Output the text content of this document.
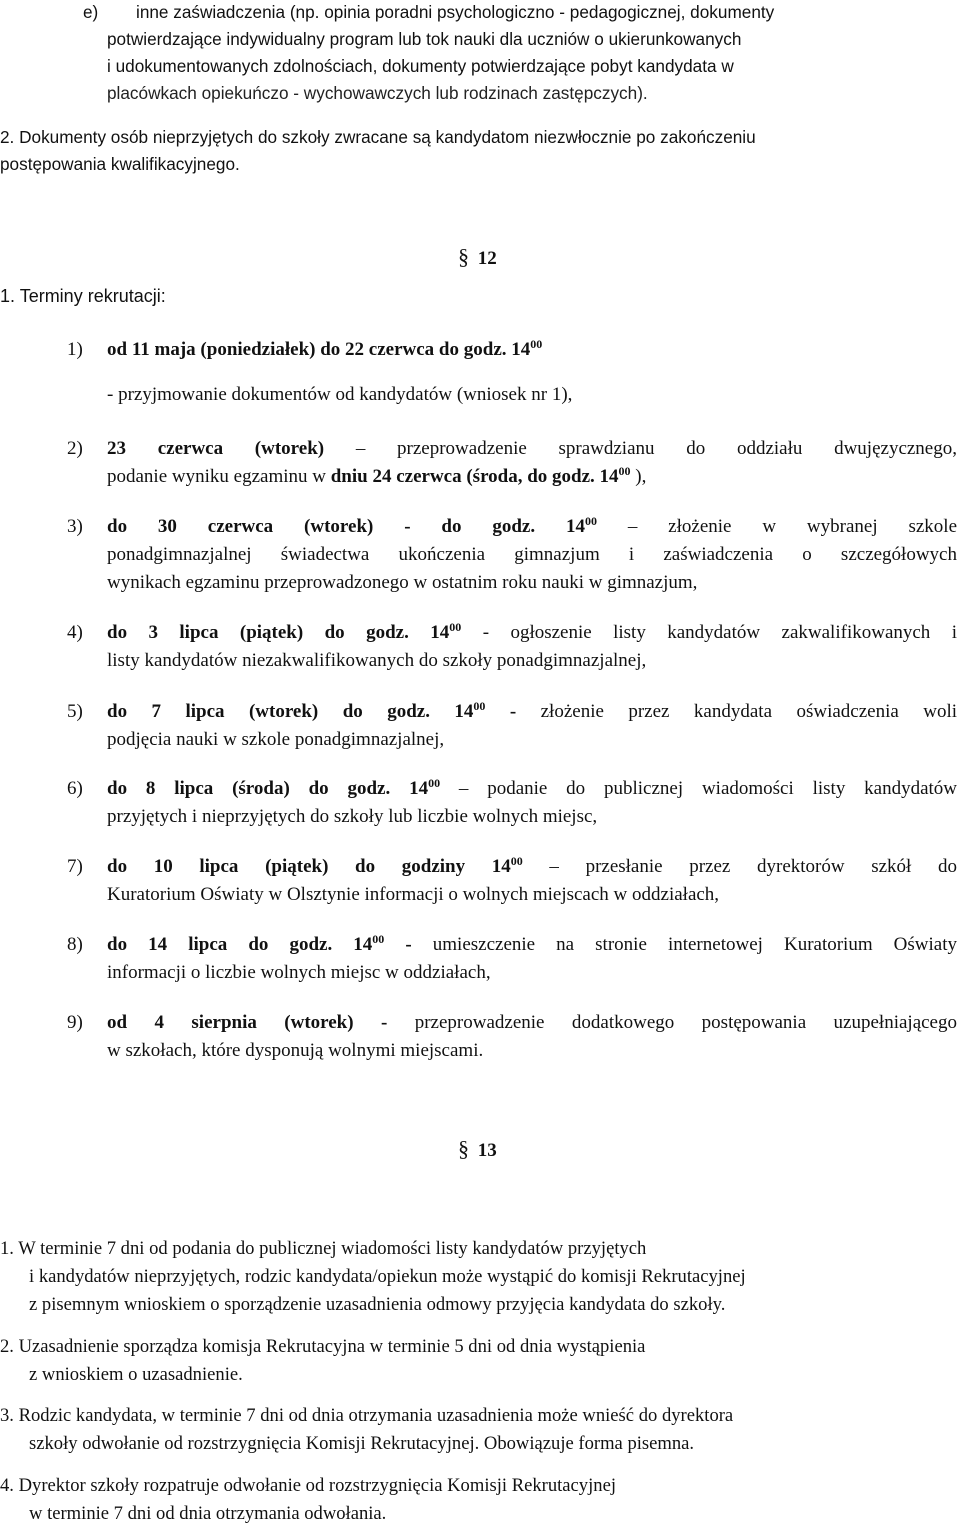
e) inne zaświadczenia (np. opinia poradni psychologiczno - pedagogicznej, dokumenty
potwierdzające indywidualny program lub tok nauki dla uczniów o ukierunkowanych
i udokumentowanych zdolnościach, dokumenty potwierdzające pobyt kandydata w
placówkach opiekuńczo - wychowawczych lub rodzinach zastępczych).
2. Dokumenty osób nieprzyjętych do szkoły zwracane są kandydatom niezwłocznie po zakończeniu
postępowania kwalifikacyjnego.
§ 12
1. Terminy rekrutacji:
1) od 11 maja (poniedziałek) do 22 czerwca do godz. $14^{00}$
- przyjmowanie dokumentów od kandydatów (wniosek nr 1),
2) 23 czerwca (wtorek) – przeprowadzenie sprawdzianu do oddziału dwujęzycznego,
podanie wyniku egzaminu w dniu 24 czerwca (środa, do godz. $14^{00}$ ),
3) do 30 czerwca (wtorek) - do godz. $14^{00}$ – złożenie w wybranej szkole
ponadgimnazjalnej świadectwa ukończenia gimnazjum i zaświadczenia o szczegółowych
wynikach egzaminu przeprowadzonego w ostatnim roku nauki w gimnazjum,
4) do 3 lipca (piątek) do godz. $14^{00}$ - ogłoszenie listy kandydatów zakwalifikowanych i
listy kandydatów niezakwalifikowanych do szkoły ponadgimnazjalnej,
5) do 7 lipca (wtorek) do godz. $14^{00}$ - złożenie przez kandydata oświadczenia woli
podjęcia nauki w szkole ponadgimnazjalnej,
6) do 8 lipca (środa) do godz. $14^{00}$ – podanie do publicznej wiadomości listy kandydatów
przyjętych i nieprzyjętych do szkoły lub liczbie wolnych miejsc,
7) do 10 lipca (piątek) do godziny $14^{00}$ – przesłanie przez dyrektorów szkół do
Kuratorium Oświaty w Olsztynie informacji o wolnych miejscach w oddziałach,
8) do 14 lipca do godz. $14^{00}$ - umieszczenie na stronie internetowej Kuratorium Oświaty
informacji o liczbie wolnych miejsc w oddziałach,
9) od 4 sierpnia (wtorek) - przeprowadzenie dodatkowego postępowania uzupełniającego
w szkołach, które dysponują wolnymi miejscami.
§ 13
1. W terminie 7 dni od podania do publicznej wiadomości listy kandydatów przyjętych
i kandydatów nieprzyjętych, rodzic kandydata/opiekun może wystąpić do komisji Rekrutacyjnej
z pisemnym wnioskiem o sporządzenie uzasadnienia odmowy przyjęcia kandydata do szkoły.
2. Uzasadnienie sporządza komisja Rekrutacyjna w terminie 5 dni od dnia wystąpienia
z wnioskiem o uzasadnienie.
3. Rodzic kandydata, w terminie 7 dni od dnia otrzymania uzasadnienia może wnieść do dyrektora
szkoły odwołanie od rozstrzygnięcia Komisji Rekrutacyjnej. Obowiązuje forma pisemna.
4. Dyrektor szkoły rozpatruje odwołanie od rozstrzygnięcia Komisji Rekrutacyjnej
w terminie 7 dni od dnia otrzymania odwołania.
